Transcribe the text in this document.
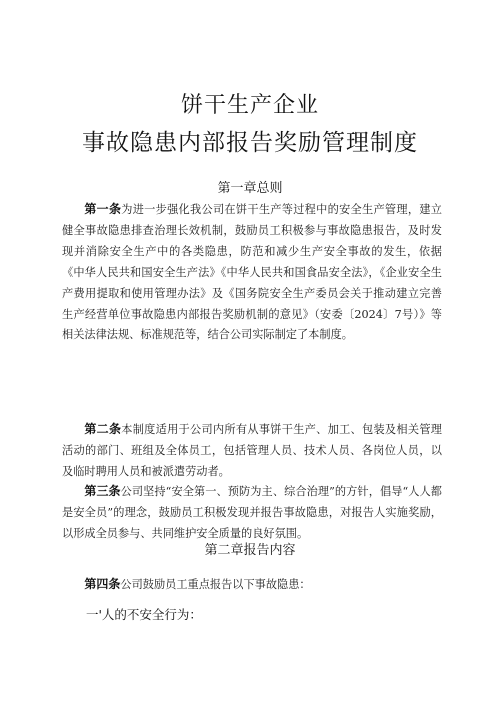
饼干生产企业
事故隐患内部报告奖励管理制度
第一章总则
第一条为进一步强化我公司在饼干生产等过程中的安全生产管理，建立健全事故隐患排查治理长效机制，鼓励员工积极参与事故隐患报告，及时发现并消除安全生产中的各类隐患，防范和减少生产安全事故的发生，依据《中华人民共和国安全生产法》《中华人民共和国食品安全法》，《企业安全生产费用提取和使用管理办法》及《国务院安全生产委员会关于推动建立完善生产经营单位事故隐患内部报告奖励机制的意见》（安委〔2024〕7号）》等相关法律法规、标准规范等，结合公司实际制定了本制度。
第二条本制度适用于公司内所有从事饼干生产、加工、包装及相关管理活动的部门、班组及全体员工，包括管理人员、技术人员、各岗位人员，以及临时聘用人员和被派遣劳动者。
第三条公司坚持“安全第一、预防为主、综合治理”的方针，倡导“人人都是安全员”的理念，鼓励员工积极发现并报告事故隐患，对报告人实施奖励，以形成全员参与、共同维护安全质量的良好氛围。
第二章报告内容
第四条公司鼓励员工重点报告以下事故隐患：
一'人的不安全行为：
